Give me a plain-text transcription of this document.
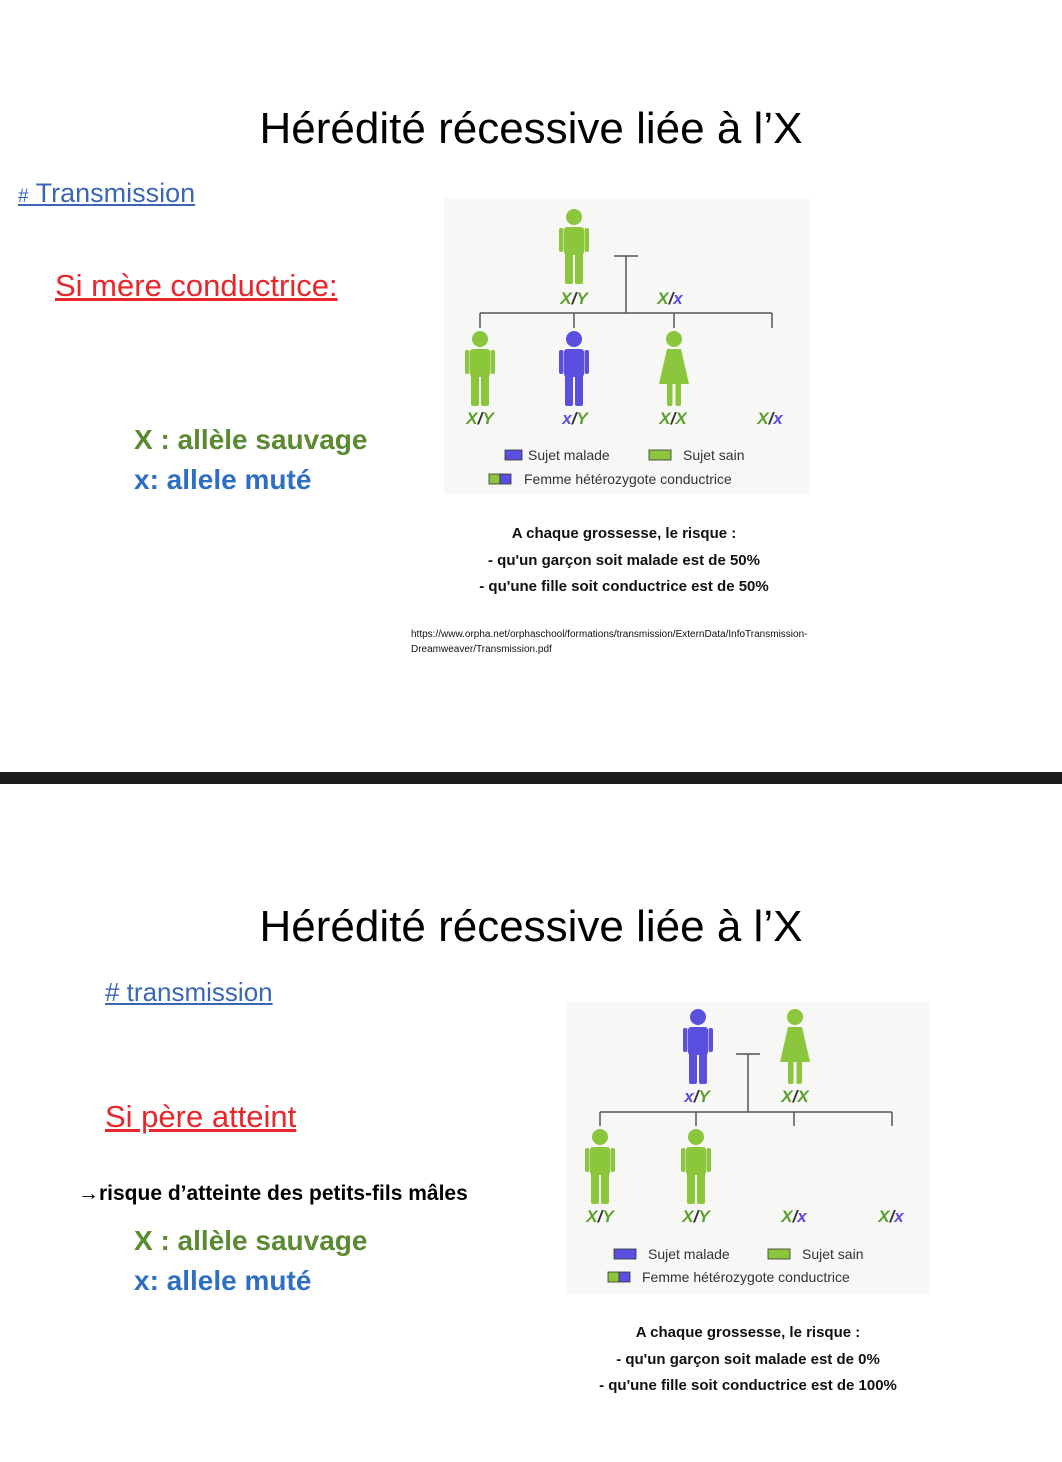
Hérédité récessive liée à l’X
# Transmission
Si mère conductrice:
X : allèle sauvage
x: allele muté
X/Y	X/x
X/Y	x/Y	X/X	X/x
Sujet malade	Sujet sain
Femme hétérozygote conductrice
A chaque grossesse, le risque :
- qu'un garçon soit malade est de 50%
- qu'une fille soit conductrice est de 50%
https://www.orpha.net/orphaschool/formations/transmission/ExternData/InfoTransmission-
Dreamweaver/Transmission.pdf
Hérédité récessive liée à l’X
# transmission
Si père atteint
→risque d’atteinte des petits-fils mâles
X : allèle sauvage
x: allele muté
x/Y	X/X
X/Y	X/Y	X/x	X/x
Sujet malade	Sujet sain
Femme hétérozygote conductrice
A chaque grossesse, le risque :
- qu'un garçon soit malade est de 0%
- qu'une fille soit conductrice est de 100%
